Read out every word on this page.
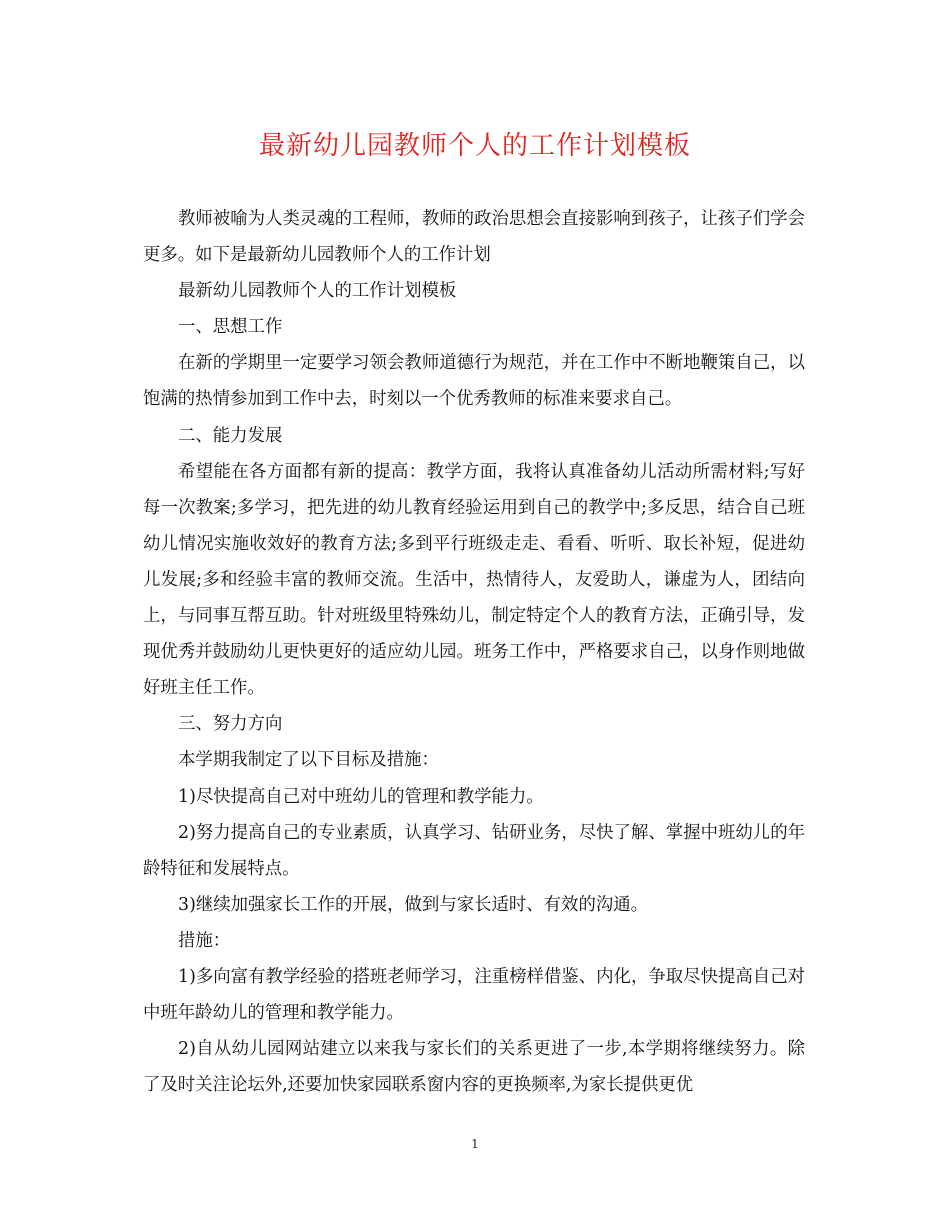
最新幼儿园教师个人的工作计划模板

教师被喻为人类灵魂的工程师，教师的政治思想会直接影响到孩子，让孩子们学会更多。如下是最新幼儿园教师个人的工作计划

最新幼儿园教师个人的工作计划模板

一、思想工作

在新的学期里一定要学习领会教师道德行为规范，并在工作中不断地鞭策自己，以饱满的热情参加到工作中去，时刻以一个优秀教师的标准来要求自己。

二、能力发展

希望能在各方面都有新的提高：教学方面，我将认真准备幼儿活动所需材料;写好每一次教案;多学习，把先进的幼儿教育经验运用到自己的教学中;多反思，结合自己班幼儿情况实施收效好的教育方法;多到平行班级走走、看看、听听、取长补短，促进幼儿发展;多和经验丰富的教师交流。生活中，热情待人，友爱助人，谦虚为人，团结向上，与同事互帮互助。针对班级里特殊幼儿，制定特定个人的教育方法，正确引导，发现优秀并鼓励幼儿更快更好的适应幼儿园。班务工作中，严格要求自己，以身作则地做好班主任工作。

三、努力方向

本学期我制定了以下目标及措施：

1)尽快提高自己对中班幼儿的管理和教学能力。

2)努力提高自己的专业素质，认真学习、钻研业务，尽快了解、掌握中班幼儿的年龄特征和发展特点。

3)继续加强家长工作的开展，做到与家长适时、有效的沟通。

措施：

1)多向富有教学经验的搭班老师学习，注重榜样借鉴、内化，争取尽快提高自己对中班年龄幼儿的管理和教学能力。

2)自从幼儿园网站建立以来我与家长们的关系更进了一步,本学期将继续努力。除了及时关注论坛外,还要加快家园联系窗内容的更换频率,为家长提供更优

1
